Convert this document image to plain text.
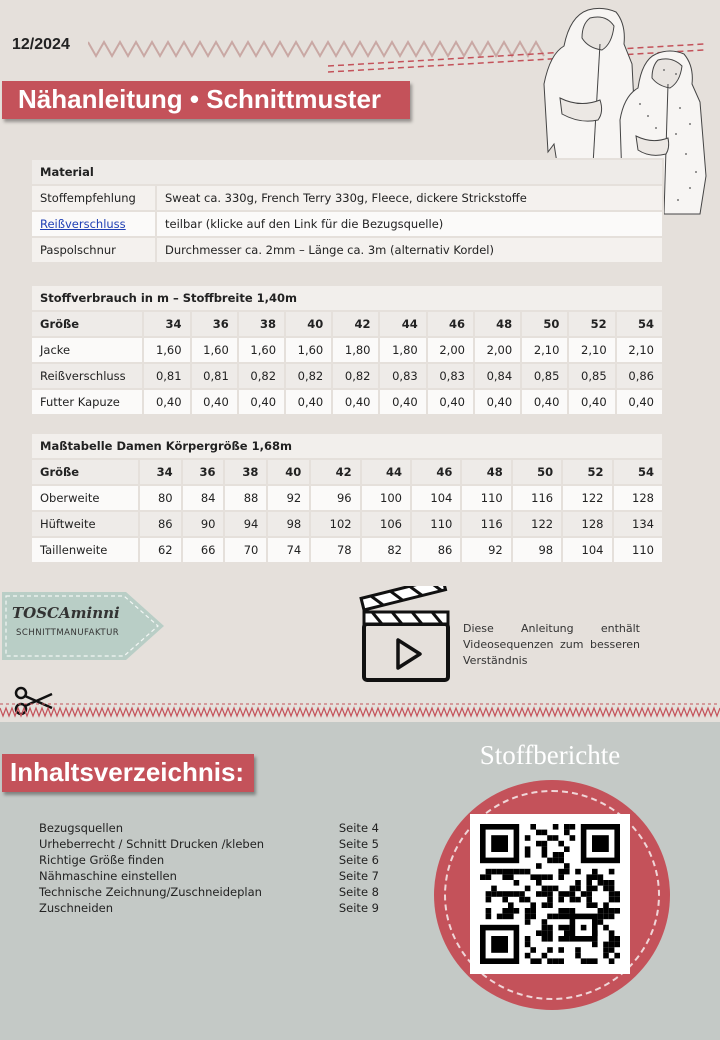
12/2024
Nähanleitung • Schnittmuster
Material	
Stoffempfehlung	Sweat ca. 330g, French Terry 330g, Fleece, dickere Strickstoffe
Reißverschluss	teilbar (klicke auf den Link für die Bezugsquelle)
Paspolschnur	Durchmesser ca. 2mm – Länge ca. 3m (alternativ Kordel)
Stoffverbrauch in m – Stoffbreite 1,40m											
Größe	34	36	38	40	42	44	46	48	50	52	54
Jacke	1,60	1,60	1,60	1,60	1,80	1,80	2,00	2,00	2,10	2,10	2,10
Reißverschluss	0,81	0,81	0,82	0,82	0,82	0,83	0,83	0,84	0,85	0,85	0,86
Futter Kapuze	0,40	0,40	0,40	0,40	0,40	0,40	0,40	0,40	0,40	0,40	0,40
Maßtabelle Damen Körpergröße 1,68m											
Größe	34	36	38	40	42	44	46	48	50	52	54
Oberweite	80	84	88	92	96	100	104	110	116	122	128
Hüftweite	86	90	94	98	102	106	110	116	122	128	134
Taillenweite	62	66	70	74	78	82	86	92	98	104	110
TOSCAminni
SCHNITTMANUFAKTUR	Diese Anleitung enthält Videosequenzen zum besseren Verständnis
Inhaltsverzeichnis:
Bezugsquellen	Seite 4
Urheberrecht / Schnitt Drucken /kleben	Seite 5
Richtige Größe finden	Seite 6
Nähmaschine einstellen	Seite 7
Technische Zeichnung/Zuschneideplan	Seite 8
Zuschneiden	Seite 9
Stoffberichte
